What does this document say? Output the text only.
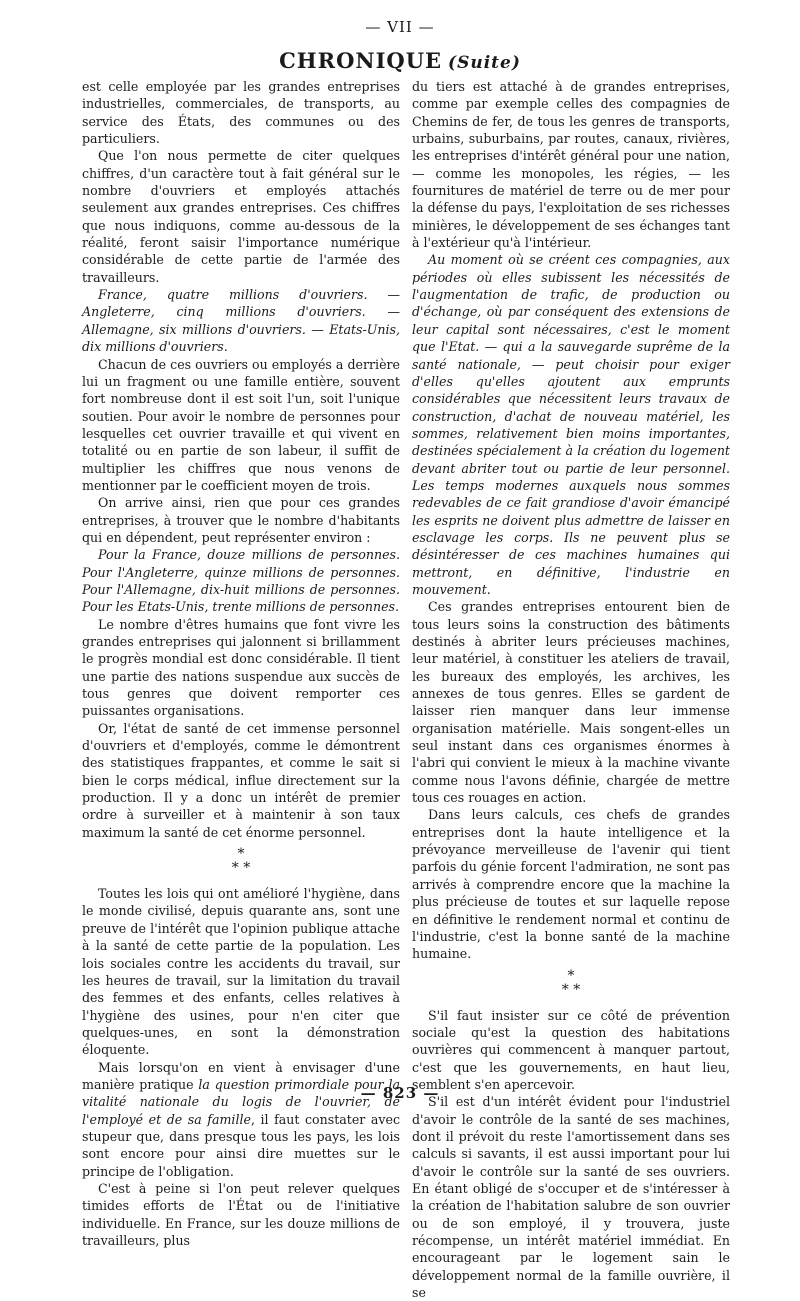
— VII —
CHRONIQUE (Suite)

est celle employée par les grandes entreprises industrielles, commerciales, de transports, au service des États, des communes ou des particuliers.

Que l'on nous permette de citer quelques chiffres, d'un caractère tout à fait général sur le nombre d'ouvriers et employés attachés seulement aux grandes entreprises. Ces chiffres que nous indiquons, comme au-dessous de la réalité, feront saisir l'importance numérique considérable de cette partie de l'armée des travailleurs.

France, quatre millions d'ouvriers. — Angleterre, cinq millions d'ouvriers. — Allemagne, six millions d'ouvriers. — Etats-Unis, dix millions d'ouvriers.

Chacun de ces ouvriers ou employés a derrière lui un fragment ou une famille entière, souvent fort nombreuse dont il est soit l'un, soit l'unique soutien. Pour avoir le nombre de personnes pour lesquelles cet ouvrier travaille et qui vivent en totalité ou en partie de son labeur, il suffit de multiplier les chiffres que nous venons de mentionner par le coefficient moyen de trois.

On arrive ainsi, rien que pour ces grandes entreprises, à trouver que le nombre d'habitants qui en dépendent, peut représenter environ :

Pour la France, douze millions de personnes. Pour l'Angleterre, quinze millions de personnes. Pour l'Allemagne, dix-huit millions de personnes. Pour les Etats-Unis, trente millions de personnes.

Le nombre d'êtres humains que font vivre les grandes entreprises qui jalonnent si brillamment le progrès mondial est donc considérable. Il tient une partie des nations suspendue aux succès de tous genres que doivent remporter ces puissantes organisations.

Or, l'état de santé de cet immense personnel d'ouvriers et d'employés, comme le démontrent des statistiques frappantes, et comme le sait si bien le corps médical, influe directement sur la production. Il y a donc un intérêt de premier ordre à surveiller et à maintenir à son taux maximum la santé de cet énorme personnel.

*
* *

Toutes les lois qui ont amélioré l'hygiène, dans le monde civilisé, depuis quarante ans, sont une preuve de l'intérêt que l'opinion publique attache à la santé de cette partie de la population. Les lois sociales contre les accidents du travail, sur les heures de travail, sur la limitation du travail des femmes et des enfants, celles relatives à l'hygiène des usines, pour n'en citer que quelques-unes, en sont la démonstration éloquente.

Mais lorsqu'on en vient à envisager d'une manière pratique la question primordiale pour la vitalité nationale du logis de l'ouvrier, de l'employé et de sa famille, il faut constater avec stupeur que, dans presque tous les pays, les lois sont encore pour ainsi dire muettes sur le principe de l'obligation.

C'est à peine si l'on peut relever quelques timides efforts de l'État ou de l'initiative individuelle. En France, sur les douze millions de travailleurs, plus

du tiers est attaché à de grandes entreprises, comme par exemple celles des compagnies de Chemins de fer, de tous les genres de transports, urbains, suburbains, par routes, canaux, rivières, les entreprises d'intérêt général pour une nation, — comme les monopoles, les régies, — les fournitures de matériel de terre ou de mer pour la défense du pays, l'exploitation de ses richesses minières, le développement de ses échanges tant à l'extérieur qu'à l'intérieur.

Au moment où se créent ces compagnies, aux périodes où elles subissent les nécessités de l'augmentation de trafic, de production ou d'échange, où par conséquent des extensions de leur capital sont nécessaires, c'est le moment que l'Etat. — qui a la sauvegarde suprême de la santé nationale, — peut choisir pour exiger d'elles qu'elles ajoutent aux emprunts considérables que nécessitent leurs travaux de construction, d'achat de nouveau matériel, les sommes, relativement bien moins importantes, destinées spécialement à la création du logement devant abriter tout ou partie de leur personnel. Les temps modernes auxquels nous sommes redevables de ce fait grandiose d'avoir émancipé les esprits ne doivent plus admettre de laisser en esclavage les corps. Ils ne peuvent plus se désintéresser de ces machines humaines qui mettront, en définitive, l'industrie en mouvement.

Ces grandes entreprises entourent bien de tous leurs soins la construction des bâtiments destinés à abriter leurs précieuses machines, leur matériel, à constituer les ateliers de travail, les bureaux des employés, les archives, les annexes de tous genres. Elles se gardent de laisser rien manquer dans leur immense organisation matérielle. Mais songent-elles un seul instant dans ces organismes énormes à l'abri qui convient le mieux à la machine vivante comme nous l'avons définie, chargée de mettre tous ces rouages en action.

Dans leurs calculs, ces chefs de grandes entreprises dont la haute intelligence et la prévoyance merveilleuse de l'avenir qui tient parfois du génie forcent l'admiration, ne sont pas arrivés à comprendre encore que la machine la plus précieuse de toutes et sur laquelle repose en définitive le rendement normal et continu de l'industrie, c'est la bonne santé de la machine humaine.

*
* *

S'il faut insister sur ce côté de prévention sociale qu'est la question des habitations ouvrières qui commencent à manquer partout, c'est que les gouvernements, en haut lieu, semblent s'en apercevoir.

S'il est d'un intérêt évident pour l'industriel d'avoir le contrôle de la santé de ses machines, dont il prévoit du reste l'amortissement dans ses calculs si savants, il est aussi important pour lui d'avoir le contrôle sur la santé de ses ouvriers. En étant obligé de s'occuper et de s'intéresser à la création de l'habitation salubre de son ouvrier ou de son employé, il y trouvera, juste récompense, un intérêt matériel immédiat. En encourageant par le logement sain le développement normal de la famille ouvrière, il se

— 823 —
